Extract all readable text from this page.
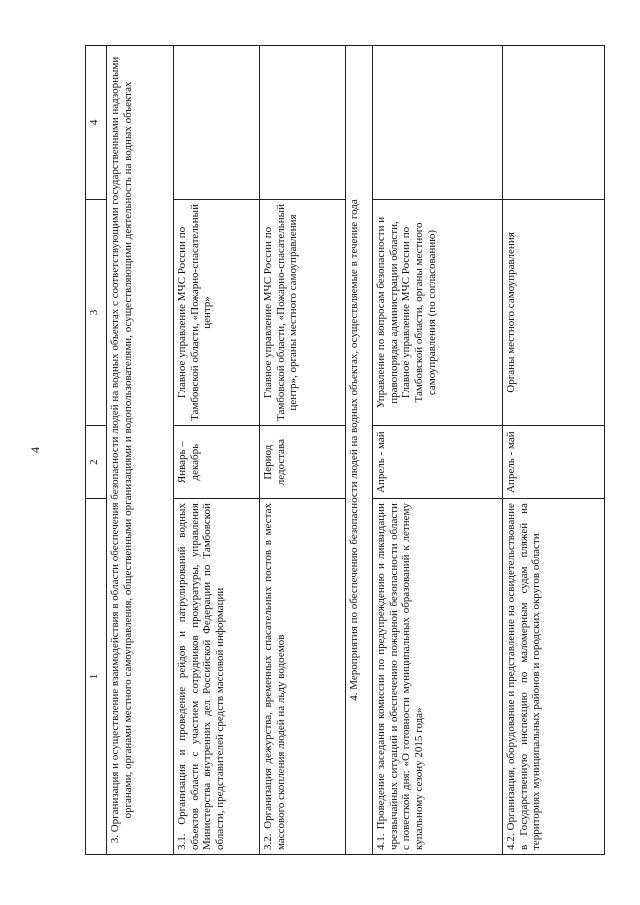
4
1	2	3	4
3. Организация и осуществление взаимодействия в области обеспечения безопасности людей на водных объектах с соответствующими государственными надзорными органами, органами местного самоуправления, общественными организациями и водопользователями, осуществляющими деятельность на водных объектах			
3.1. Организация и проведение рейдов и патрулирований водных объектов области с участием сотрудников прокуратуры, управления Министерства внутренних дел Российской Федерации по Тамбовской области, представителей средств массовой информации	Январь – декабрь	Главное управление МЧС России по Тамбовской области, «Пожарно-спасательный центр»	
3.2. Организация дежурства, временных спасательных постов в местах массового скопления людей на льду водоемов	Период ледостава	Главное управление МЧС России по Тамбовской области, «Пожарно-спасательный центр», органы местного самоуправления	
4. Мероприятия по обеспечению безопасности людей на водных объектах, осуществляемые в течение года			
4.1. Проведение заседания комиссии по предупреждению и ликвидации чрезвычайных ситуаций и обеспечению пожарной безопасности области с повесткой дня: «О готовности муниципальных образований к летнему купальному сезону 2015 года»	Апрель - май	Управление по вопросам безопасности и правопорядка администрации области, Главное управление МЧС России по Тамбовской области, органы местного самоуправления (по согласованию)	
4.2. Организация, оборудование и представление на освидетельствование в Государственную инспекцию по маломерным судам пляжей на территориях муниципальных районов и городских округов области	Апрель - май	Органы местного самоуправления	
